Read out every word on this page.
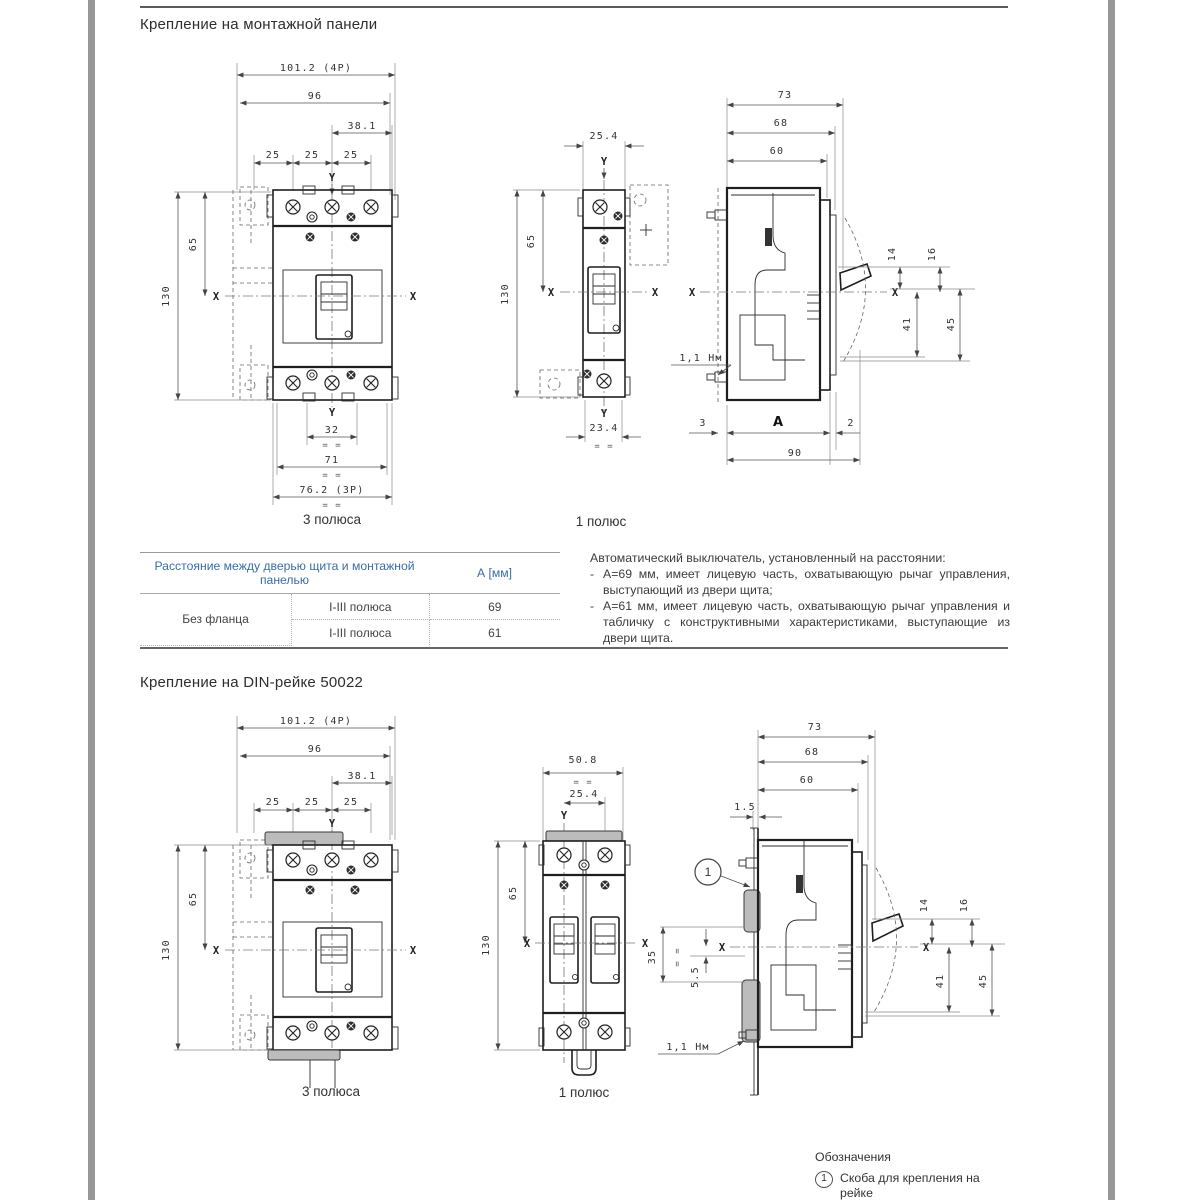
Крепление на монтажной панели
Крепление на DIN-рейке 50022
101.2 (4P)
96
38.1
25 25 25
Y
130
65
X	X
Y
32
= =
71
= =
76.2 (3P)
= =
3 полюса
25.4
Y
130
65
X	X
Y
23.4
= =
1 полюс
73
68
60
X	X
1,1 Нм
14	16
41	45
3	A	2
90
101.2 (4P)
96
38.1
25 25 25
Y
130
65
X	X
3 полюса
50.8
= =
25.4
Y
130
65
X	X
1 полюс
73
68
60
1.5
1
X	X
35 = =
5.5
14	16
41	45
1,1 Нм
Расстояние между дверью щита и монтажной панелью		А [мм]
Без фланца	I-III полюса	69
	I-III полюса	61
Автоматический выключатель, установленный на расстоянии:
- А=69 мм, имеет лицевую часть, охватывающую рычаг управления, выступающий из двери щита;
- А=61 мм, имеет лицевую часть, охватывающую рычаг управления и табличку с конструктивными характеристиками, выступающие из двери щита.
Обозначения
1	Скоба для крепления на рейке
